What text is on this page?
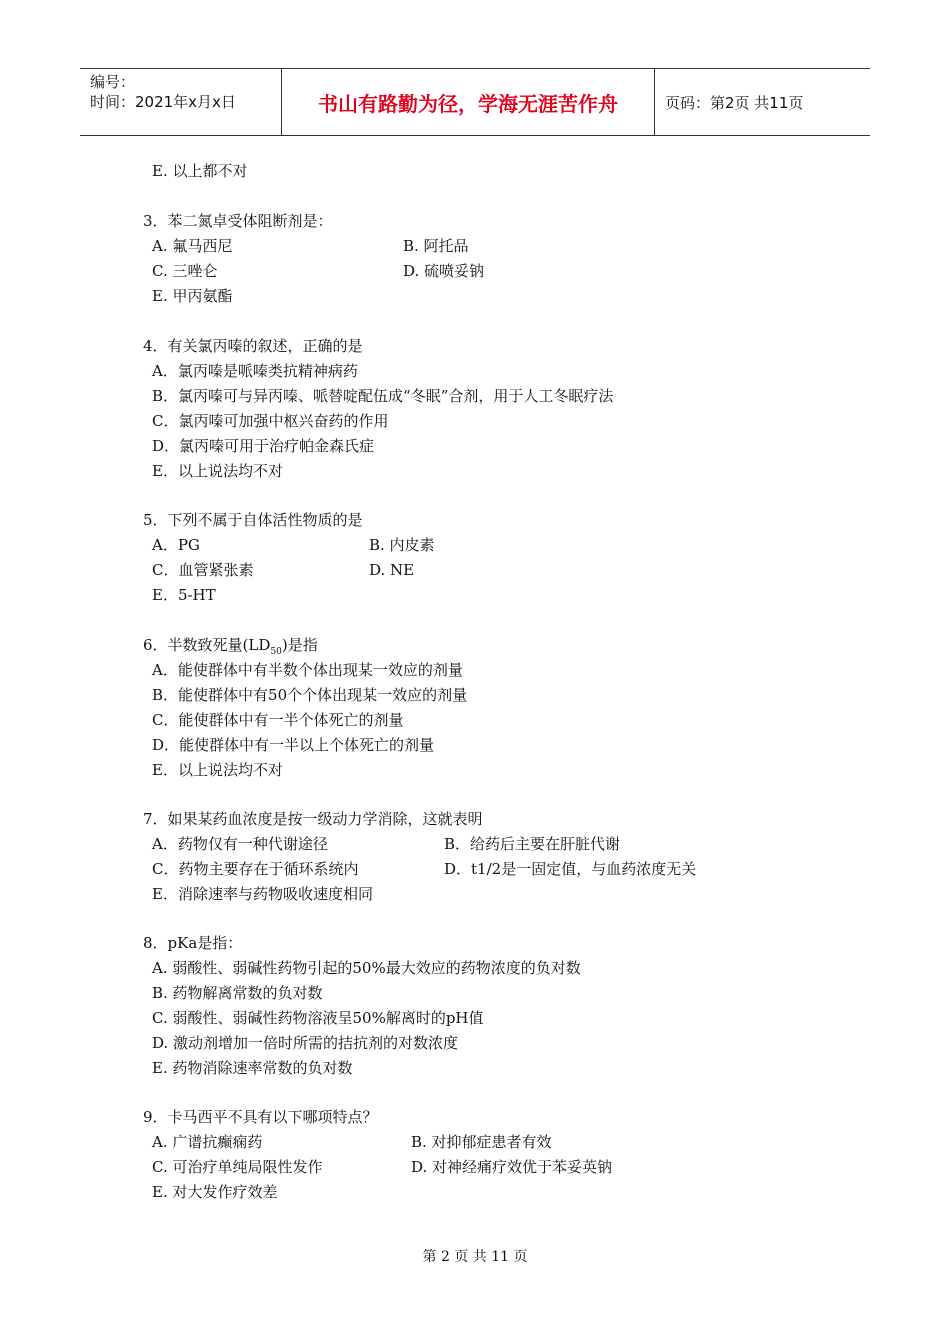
编号：
时间：2021年x月x日	书山有路勤为径，学海无涯苦作舟	页码：第2页 共11页
E. 以上都不对
3．苯二氮卓受体阻断剂是：
A. 氟马西尼	B. 阿托品
C. 三唑仑	D. 硫喷妥钠
E. 甲丙氨酯
4．有关氯丙嗪的叙述，正确的是
A．氯丙嗪是哌嗪类抗精神病药
B．氯丙嗪可与异丙嗪、哌替啶配伍成“冬眠”合剂，用于人工冬眠疗法
C．氯丙嗪可加强中枢兴奋药的作用
D．氯丙嗪可用于治疗帕金森氏症
E．以上说法均不对
5．下列不属于自体活性物质的是
A．PG	B. 内皮素
C．血管紧张素	D. NE
E．5-HT
6．半数致死量$(LD_{50})$是指
A．能使群体中有半数个体出现某一效应的剂量
B．能使群体中有50个个体出现某一效应的剂量
C．能使群体中有一半个体死亡的剂量
D．能使群体中有一半以上个体死亡的剂量
E．以上说法均不对
7．如果某药血浓度是按一级动力学消除，这就表明
A．药物仅有一种代谢途径	B．给药后主要在肝脏代谢
C．药物主要存在于循环系统内	D．t1/2是一固定值，与血药浓度无关
E．消除速率与药物吸收速度相同
8．pKa是指：
A. 弱酸性、弱碱性药物引起的50%最大效应的药物浓度的负对数
B. 药物解离常数的负对数
C. 弱酸性、弱碱性药物溶液呈50%解离时的pH值
D. 激动剂增加一倍时所需的拮抗剂的对数浓度
E. 药物消除速率常数的负对数
9．卡马西平不具有以下哪项特点？
A. 广谱抗癫痫药	B. 对抑郁症患者有效
C. 可治疗单纯局限性发作	D. 对神经痛疗效优于苯妥英钠
E. 对大发作疗效差
第 2 页 共 11 页
